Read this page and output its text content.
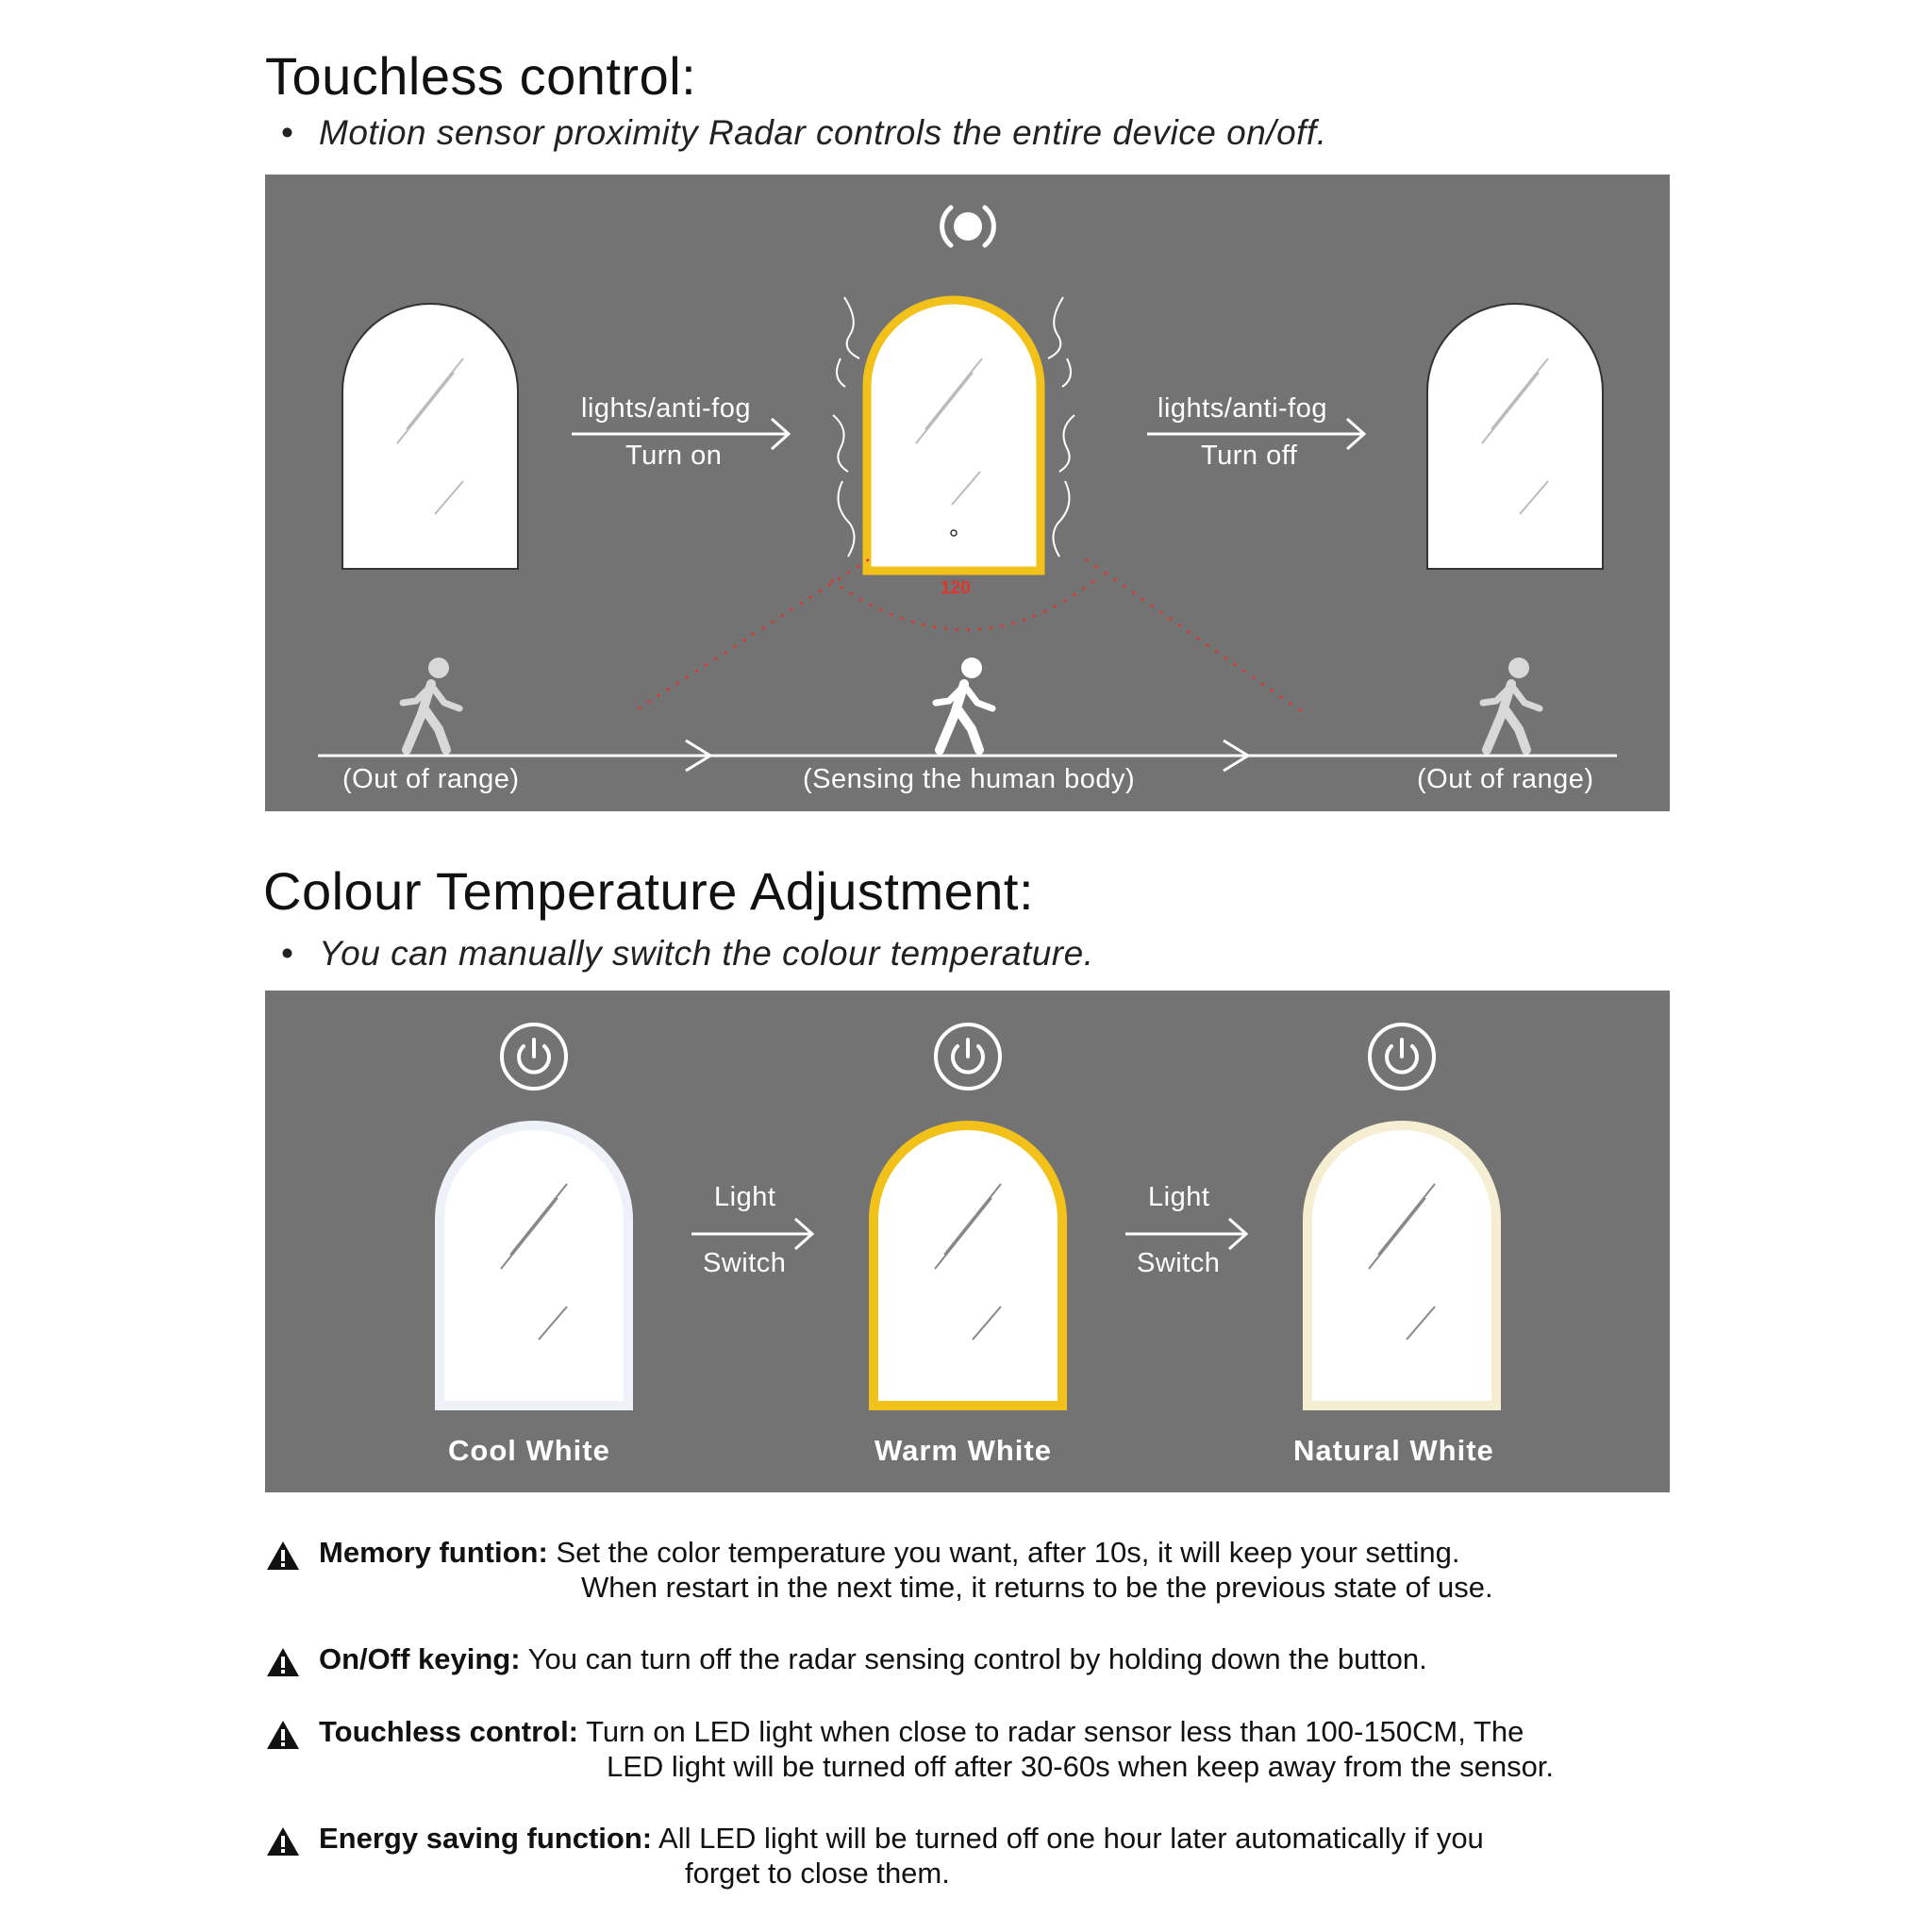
Touchless control:
• Motion sensor proximity Radar controls the entire device on/off.
lights/anti-fog
Turn on
lights/anti-fog
Turn off
120
(Out of range)	(Sensing the human body)	(Out of range)
Colour Temperature Adjustment:
• You can manually switch the colour temperature.
Light
Switch
Light
Switch
Cool White	Warm White	Natural White
Memory funtion: Set the color temperature you want, after 10s, it will keep your setting.
When restart in the next time, it returns to be the previous state of use.
On/Off keying: You can turn off the radar sensing control by holding down the button.
Touchless control: Turn on LED light when close to radar sensor less than 100-150CM, The
LED light will be turned off after 30-60s when keep away from the sensor.
Energy saving function: All LED light will be turned off one hour later automatically if you
forget to close them.
